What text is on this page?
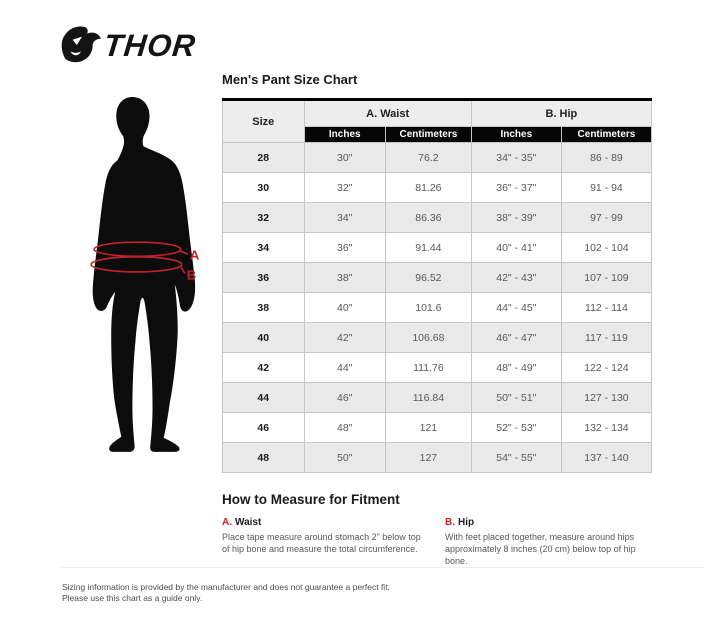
THOR
A
B
Men's Pant Size Chart
Size	A. Waist		B. Hip	
	Inches	Centimeters	Inches	Centimeters
28	30"	76.2	34" - 35"	86 - 89
30	32"	81.26	36" - 37"	91 - 94
32	34"	86.36	38" - 39"	97 - 99
34	36"	91.44	40" - 41"	102 - 104
36	38"	96.52	42" - 43"	107 - 109
38	40"	101.6	44" - 45"	112 - 114
40	42"	106.68	46" - 47"	117 - 119
42	44"	111.76	48" - 49"	122 - 124
44	46"	116.84	50" - 51"	127 - 130
46	48"	121	52" - 53"	132 - 134
48	50"	127	54" - 55"	137 - 140
How to Measure for Fitment
A. Waist

Place tape measure around stomach 2" below top of hip bone and measure the total circumference.

B. Hip

With feet placed together, measure around hips approximately 8 inches (20 cm) below top of hip bone.

Sizing information is provided by the manufacturer and does not guarantee a perfect fit.
Please use this chart as a guide only.
